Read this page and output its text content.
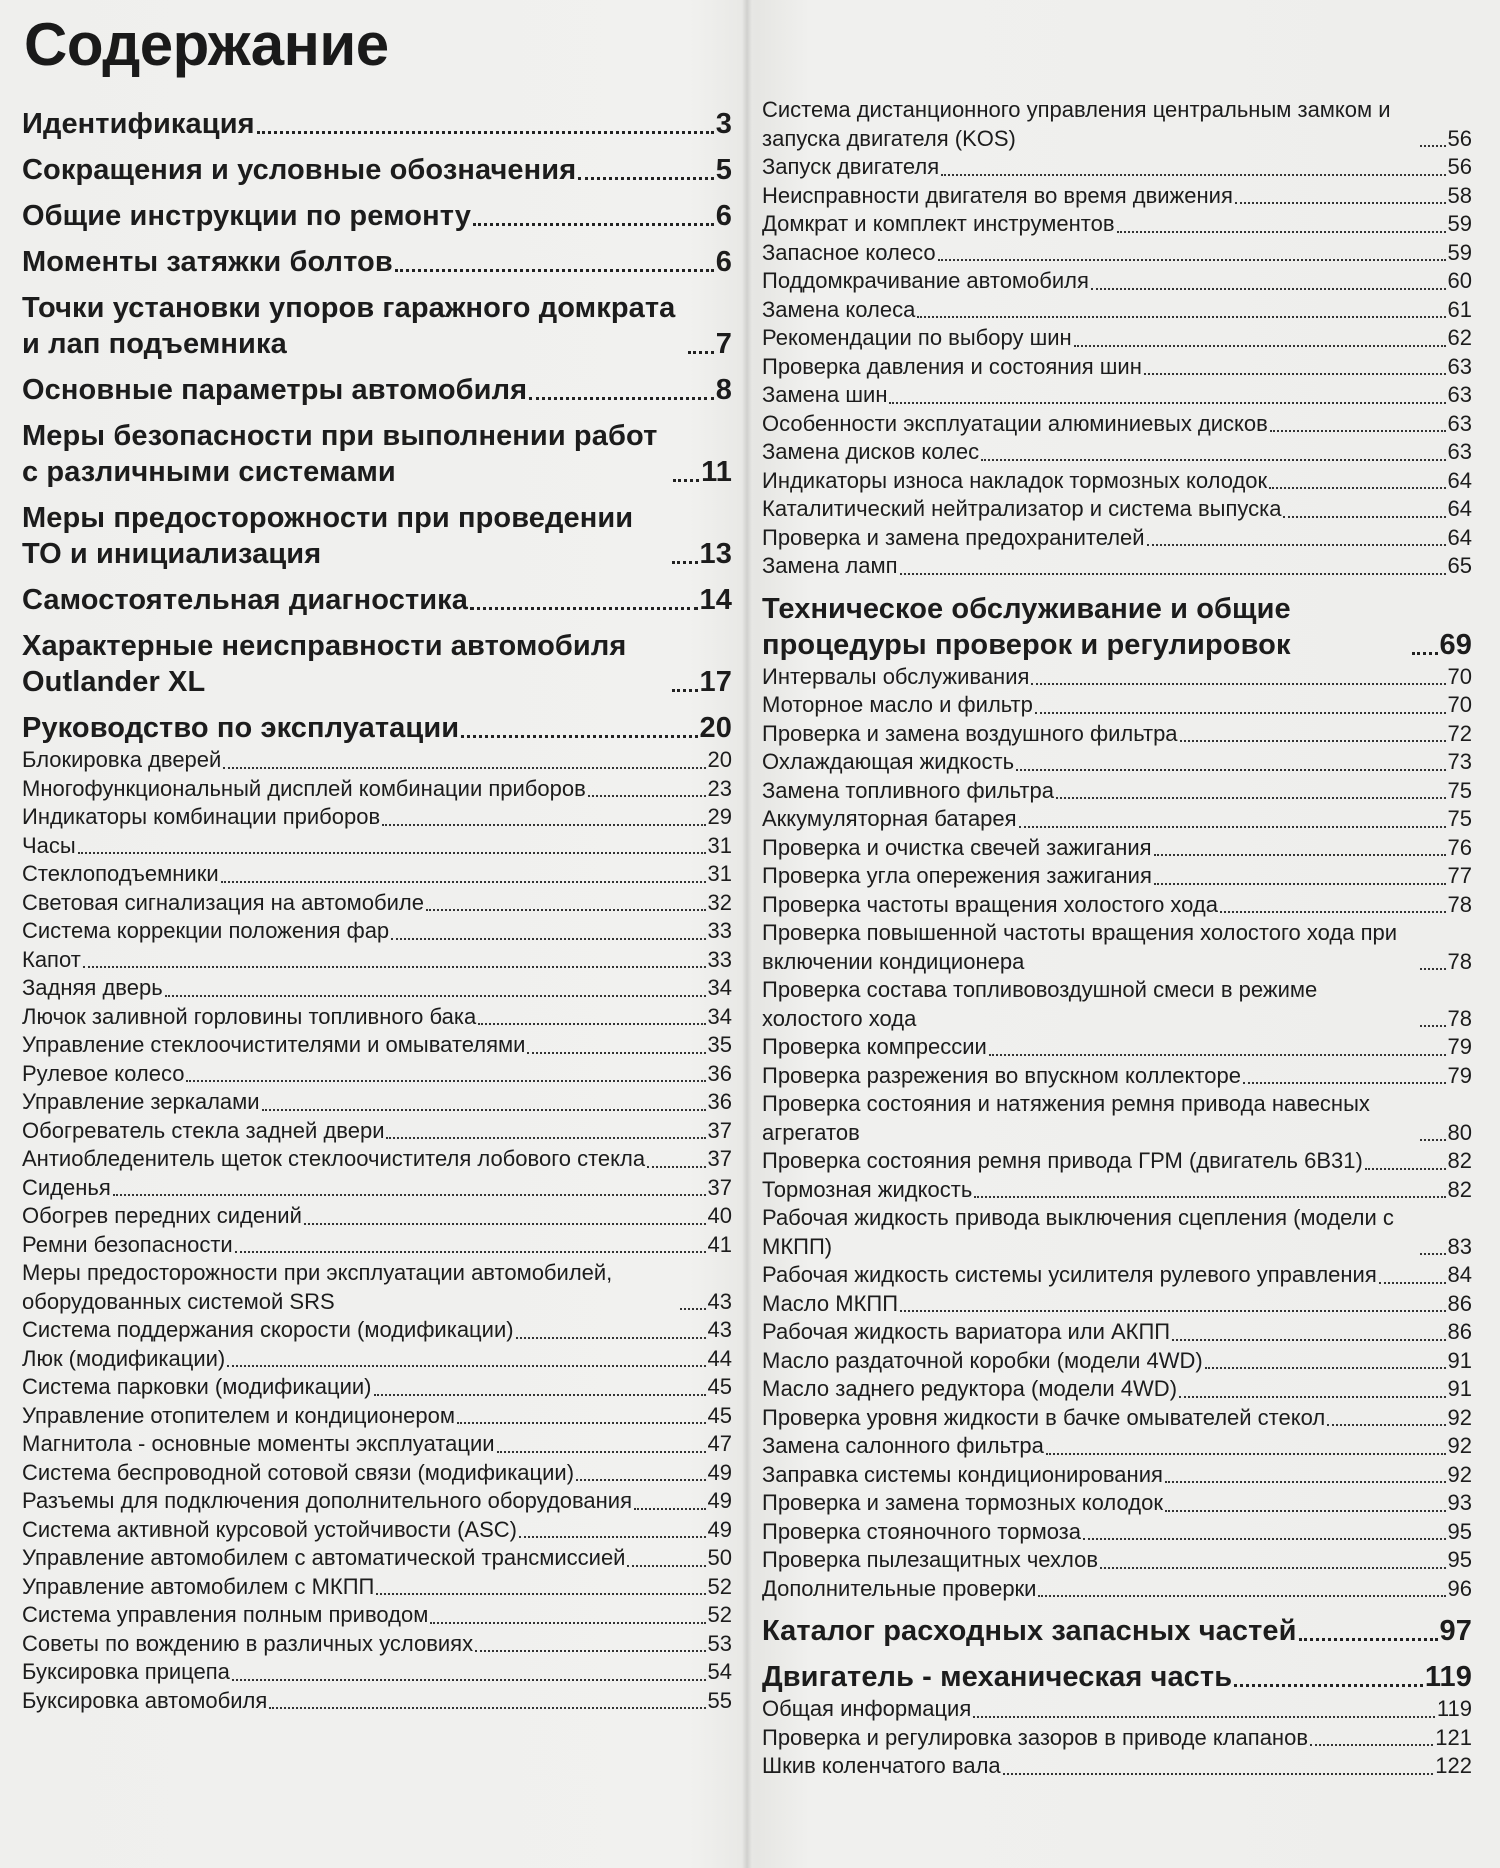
Содержание
Идентификация	3
Сокращения и условные обозначения	5
Общие инструкции по ремонту	6
Моменты затяжки болтов	6
Точки установки упоров гаражного домкрата и лап подъемника	7
Основные параметры автомобиля	8
Меры безопасности при выполнении работ с различными системами	11
Меры предосторожности при проведении ТО и инициализация	13
Самостоятельная диагностика	14
Характерные неисправности автомобиля Outlander XL	17
Руководство по эксплуатации	20
Блокировка дверей	20
Многофункциональный дисплей комбинации приборов	23
Индикаторы комбинации приборов	29
Часы	31
Стеклоподъемники	31
Световая сигнализация на автомобиле	32
Система коррекции положения фар	33
Капот	33
Задняя дверь	34
Лючок заливной горловины топливного бака	34
Управление стеклоочистителями и омывателями	35
Рулевое колесо	36
Управление зеркалами	36
Обогреватель стекла задней двери	37
Антиобледенитель щеток стеклоочистителя лобового стекла	37
Сиденья	37
Обогрев передних сидений	40
Ремни безопасности	41
Меры предосторожности при эксплуатации автомобилей, оборудованных системой SRS	43
Система поддержания скорости (модификации)	43
Люк (модификации)	44
Система парковки (модификации)	45
Управление отопителем и кондиционером	45
Магнитола - основные моменты эксплуатации	47
Система беспроводной сотовой связи (модификации)	49
Разъемы для подключения дополнительного оборудования	49
Система активной курсовой устойчивости (ASC)	49
Управление автомобилем с автоматической трансмиссией	50
Управление автомобилем с МКПП	52
Система управления полным приводом	52
Советы по вождению в различных условиях	53
Буксировка прицепа	54
Буксировка автомобиля	55
Система дистанционного управления центральным замком и запуска двигателя (KOS)	56
Запуск двигателя	56
Неисправности двигателя во время движения	58
Домкрат и комплект инструментов	59
Запасное колесо	59
Поддомкрачивание автомобиля	60
Замена колеса	61
Рекомендации по выбору шин	62
Проверка давления и состояния шин	63
Замена шин	63
Особенности эксплуатации алюминиевых дисков	63
Замена дисков колес	63
Индикаторы износа накладок тормозных колодок	64
Каталитический нейтрализатор и система выпуска	64
Проверка и замена предохранителей	64
Замена ламп	65
Техническое обслуживание и общие процедуры проверок и регулировок	69
Интервалы обслуживания	70
Моторное масло и фильтр	70
Проверка и замена воздушного фильтра	72
Охлаждающая жидкость	73
Замена топливного фильтра	75
Аккумуляторная батарея	75
Проверка и очистка свечей зажигания	76
Проверка угла опережения зажигания	77
Проверка частоты вращения холостого хода	78
Проверка повышенной частоты вращения холостого хода при включении кондиционера	78
Проверка состава топливовоздушной смеси в режиме холостого хода	78
Проверка компрессии	79
Проверка разрежения во впускном коллекторе	79
Проверка состояния и натяжения ремня привода навесных агрегатов	80
Проверка состояния ремня привода ГРМ (двигатель 6B31)	82
Тормозная жидкость	82
Рабочая жидкость привода выключения сцепления (модели с МКПП)	83
Рабочая жидкость системы усилителя рулевого управления	84
Масло МКПП	86
Рабочая жидкость вариатора или АКПП	86
Масло раздаточной коробки (модели 4WD)	91
Масло заднего редуктора (модели 4WD)	91
Проверка уровня жидкости в бачке омывателей стекол	92
Замена салонного фильтра	92
Заправка системы кондиционирования	92
Проверка и замена тормозных колодок	93
Проверка стояночного тормоза	95
Проверка пылезащитных чехлов	95
Дополнительные проверки	96
Каталог расходных запасных частей	97
Двигатель - механическая часть	119
Общая информация	119
Проверка и регулировка зазоров в приводе клапанов	121
Шкив коленчатого вала	122
